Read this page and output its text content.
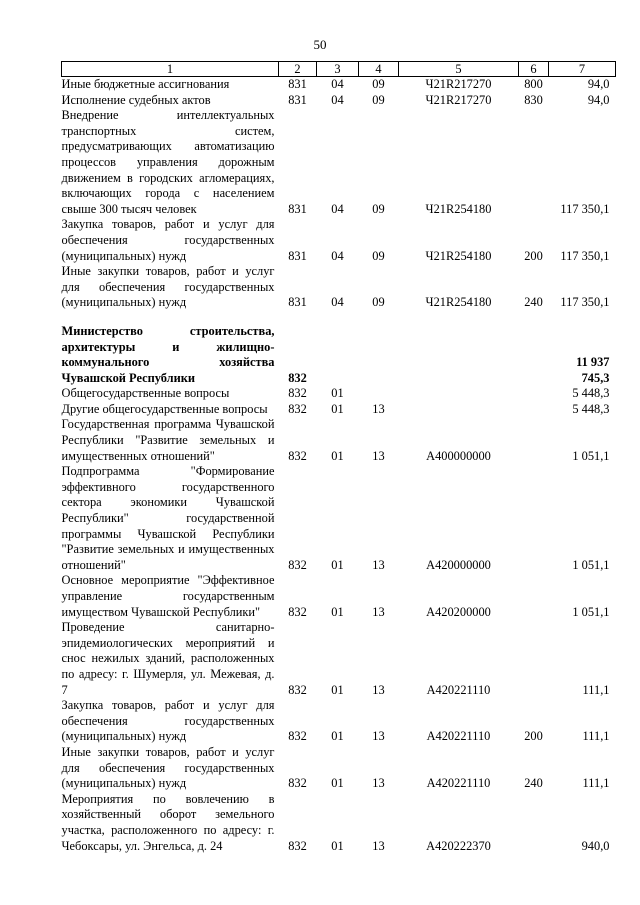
50
1	2	3	4	5	6	7
Иные бюджетные ассигнования	831	04	09	Ч21R217270	800	94,0
Исполнение судебных актов	831	04	09	Ч21R217270	830	94,0
Внедрение интеллектуальных транспортных систем, предусматривающих автоматизацию процессов управления дорожным движением в городских агломерациях, включающих города с населением свыше 300 тысяч человек	831	04	09	Ч21R254180		117 350,1
Закупка товаров, работ и услуг для обеспечения государственных (муниципальных) нужд	831	04	09	Ч21R254180	200	117 350,1
Иные закупки товаров, работ и услуг для обеспечения государственных (муниципальных) нужд	831	04	09	Ч21R254180	240	117 350,1

Министерство строительства, архитектуры и жилищно-коммунального хозяйства Чувашской Республики	832					11 937 745,3
Общегосударственные вопросы	832	01				5 448,3
Другие общегосударственные вопросы	832	01	13			5 448,3
Государственная программа Чувашской Республики "Развитие земельных и имущественных отношений"	832	01	13	А400000000		1 051,1
Подпрограмма "Формирование эффективного государственного сектора экономики Чувашской Республики" государственной программы Чувашской Республики "Развитие земельных и имущественных отношений"	832	01	13	А420000000		1 051,1
Основное мероприятие "Эффективное управление государственным имуществом Чувашской Республики"	832	01	13	А420200000		1 051,1
Проведение санитарно-эпидемиологических мероприятий и снос нежилых зданий, расположенных по адресу: г. Шумерля, ул. Межевая, д. 7	832	01	13	А420221110		111,1
Закупка товаров, работ и услуг для обеспечения государственных (муниципальных) нужд	832	01	13	А420221110	200	111,1
Иные закупки товаров, работ и услуг для обеспечения государственных (муниципальных) нужд	832	01	13	А420221110	240	111,1
Мероприятия по вовлечению в хозяйственный оборот земельного участка, расположенного по адресу: г. Чебоксары, ул. Энгельса, д. 24	832	01	13	А420222370		940,0
